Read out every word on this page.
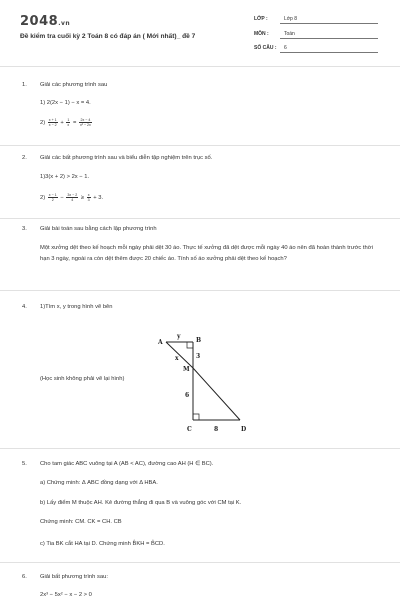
2048.vn
Đề kiểm tra cuối kỳ 2 Toán 8 có đáp án ( Mới nhất)_ đề 7
LỚP :	Lớp 8
MÔN :	Toán
SỐ CÂU : 6
1.	Giải các phương trình sau
1) 2(2x − 1) − x = 4.
$2) \frac{x + 1}{x - 2} + \frac{1}{x} = \frac{2x - 4}{\text{x² − 2x}}$
2.	Giải các bất phương trình sau và biểu diễn tập nghiệm trên trục số.
1)3(x + 2) > 2x − 1.
$2) \frac{x - 1}{2} - \frac{3x - 2}{4} \ge \frac{x}{3} + 3$.
3.	Giải bài toán sau bằng cách lập phương trình
Một xưởng dệt theo kế hoạch mỗi ngày phải dệt 30 áo. Thực tế xưởng đã dệt được mỗi ngày 40 áo nên đã hoàn thành trước thời hạn 3 ngày, ngoài ra còn dệt thêm được 20 chiếc áo. Tính số áo xưởng phải dệt theo kế hoạch?
4.	1)Tìm x, y trong hình vẽ bên
(Học sinh không phải vẽ lại hình)
A	B
C	D
M
y
x	3
6
8
5.	Cho tam giác ABC vuông tại A (AB < AC), đường cao AH (H ∈ BC).
a) Chứng minh: Δ ABC đồng dạng với Δ HBA.
b) Lấy điểm M thuộc AH. Kẻ đường thẳng đi qua B và vuông góc với CM tại K.
Chứng minh: CM. CK = CH. CB
c) Tia BK cắt HA tại D. Chứng minh B̂KH = B̂CD.
6.	Giải bất phương trình sau:
2x³ − 5x² − x − 2 > 0
